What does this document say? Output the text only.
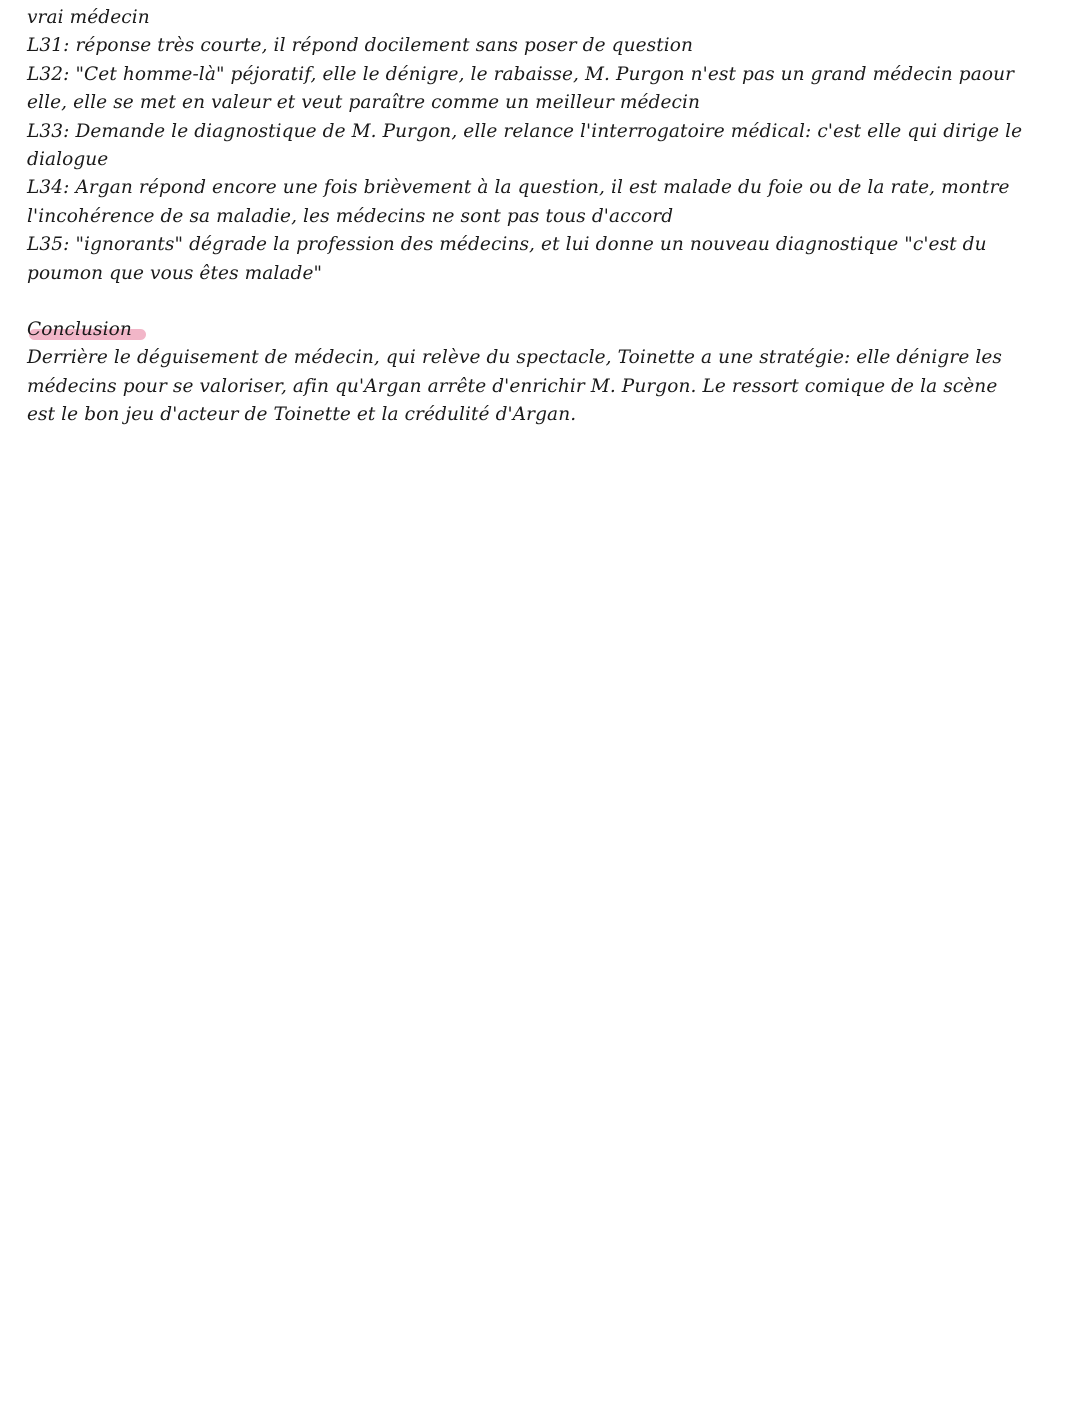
vrai médecin
L31: réponse très courte, il répond docilement sans poser de question
L32: "Cet homme-là" péjoratif, elle le dénigre, le rabaisse, M. Purgon n'est pas un grand médecin paour
elle, elle se met en valeur et veut paraître comme un meilleur médecin
L33: Demande le diagnostique de M. Purgon, elle relance l'interrogatoire médical: c'est elle qui dirige le
dialogue
L34: Argan répond encore une fois brièvement à la question, il est malade du foie ou de la rate, montre
l'incohérence de sa maladie, les médecins ne sont pas tous d'accord
L35: "ignorants" dégrade la profession des médecins, et lui donne un nouveau diagnostique "c'est du
poumon que vous êtes malade"
Conclusion
Derrière le déguisement de médecin, qui relève du spectacle, Toinette a une stratégie: elle dénigre les
médecins pour se valoriser, afin qu'Argan arrête d'enrichir M. Purgon. Le ressort comique de la scène
est le bon jeu d'acteur de Toinette et la crédulité d'Argan.
